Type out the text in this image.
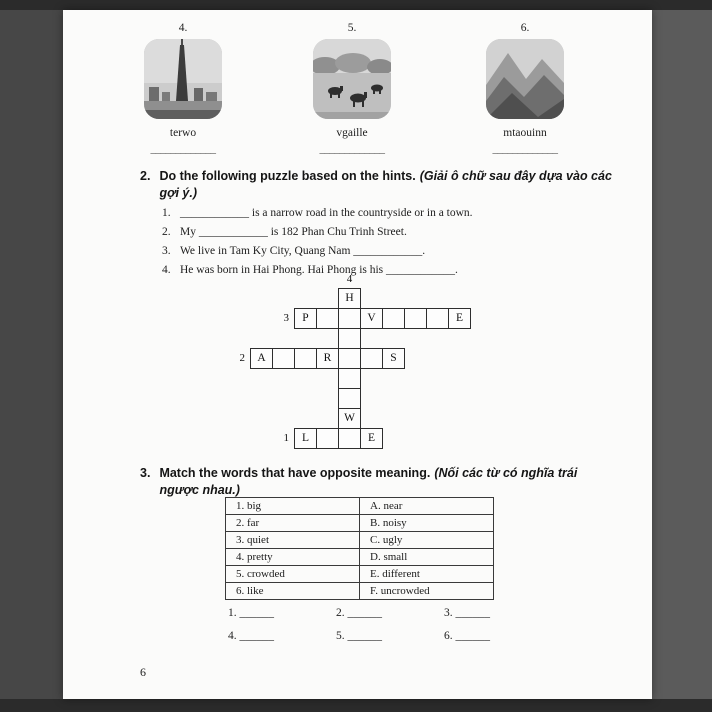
4.
terwo
_____________
5.
vgaille
_____________
6.
mtaouinn
_____________
2. Do the following puzzle based on the hints. (Giải ô chữ sau đây dựa vào các gợi ý.)
1. ____________ is a narrow road in the countryside or in a town.
2. My ____________ is 182 Phan Chu Trinh Street.
3. We live in Tam Ky City, Quang Nam ____________.
4. He was born in Hai Phong. Hai Phong is his ____________.
H
4
P
3	V	E
A
2	R	S
W
L
1	E
3. Match the words that have opposite meaning. (Nối các từ có nghĩa trái ngược nhau.)
1. big	A. near
2. far	B. noisy
3. quiet	C. ugly
4. pretty	D. small
5. crowded	E. different
6. like	F. uncrowded
1. ______	2. ______	3. ______
4. ______	5. ______	6. ______
6
